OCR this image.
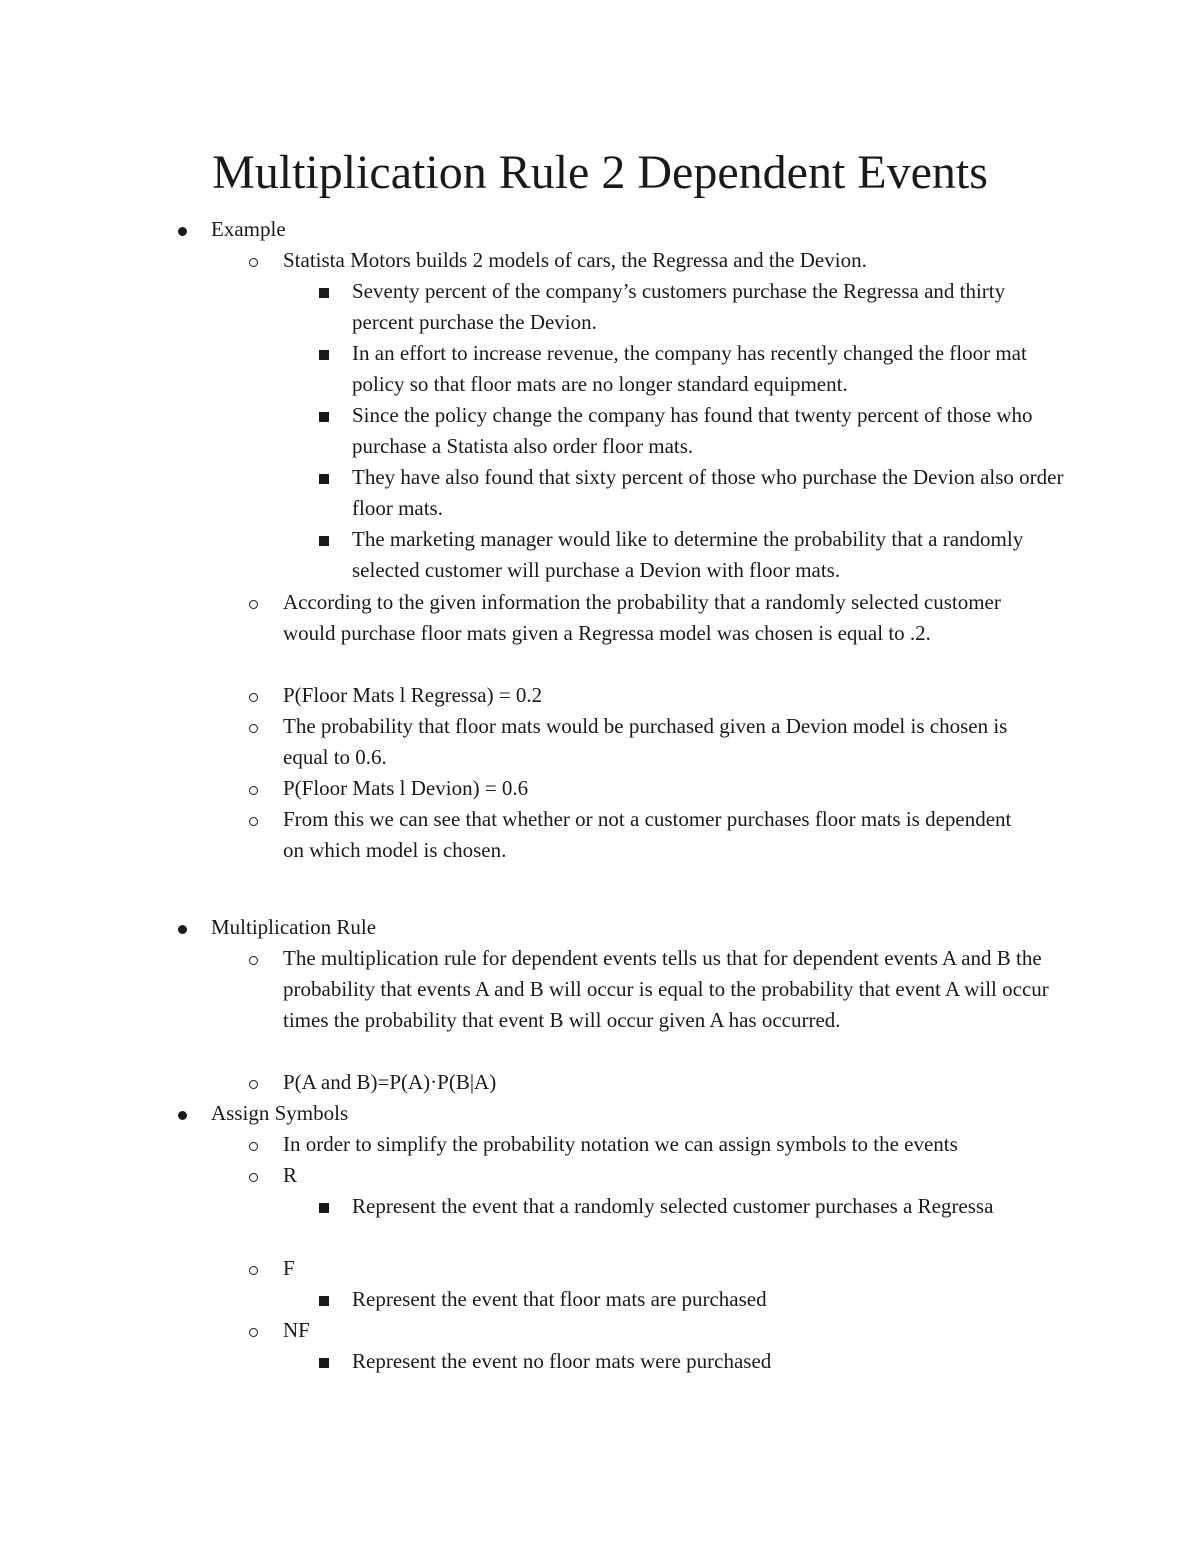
Multiplication Rule 2 Dependent Events
Example
Statista Motors builds 2 models of cars, the Regressa and the Devion.
Seventy percent of the company’s customers purchase the Regressa and thirty percent purchase the Devion.
In an effort to increase revenue, the company has recently changed the floor mat policy so that floor mats are no longer standard equipment.
Since the policy change the company has found that twenty percent of those who purchase a Statista also order floor mats.
They have also found that sixty percent of those who purchase the Devion also order floor mats.
The marketing manager would like to determine the probability that a randomly selected customer will purchase a Devion with floor mats.
According to the given information the probability that a randomly selected customer would purchase floor mats given a Regressa model was chosen is equal to .2.
P(Floor Mats l Regressa) = 0.2
The probability that floor mats would be purchased given a Devion model is chosen is equal to 0.6.
P(Floor Mats l Devion) = 0.6
From this we can see that whether or not a customer purchases floor mats is dependent on which model is chosen.
Multiplication Rule
The multiplication rule for dependent events tells us that for dependent events A and B the probability that events A and B will occur is equal to the probability that event A will occur times the probability that event B will occur given A has occurred.
P(A and B)=P(A)·P(B|A)
Assign Symbols
In order to simplify the probability notation we can assign symbols to the events
R
Represent the event that a randomly selected customer purchases a Regressa
F
Represent the event that floor mats are purchased
NF
Represent the event no floor mats were purchased
